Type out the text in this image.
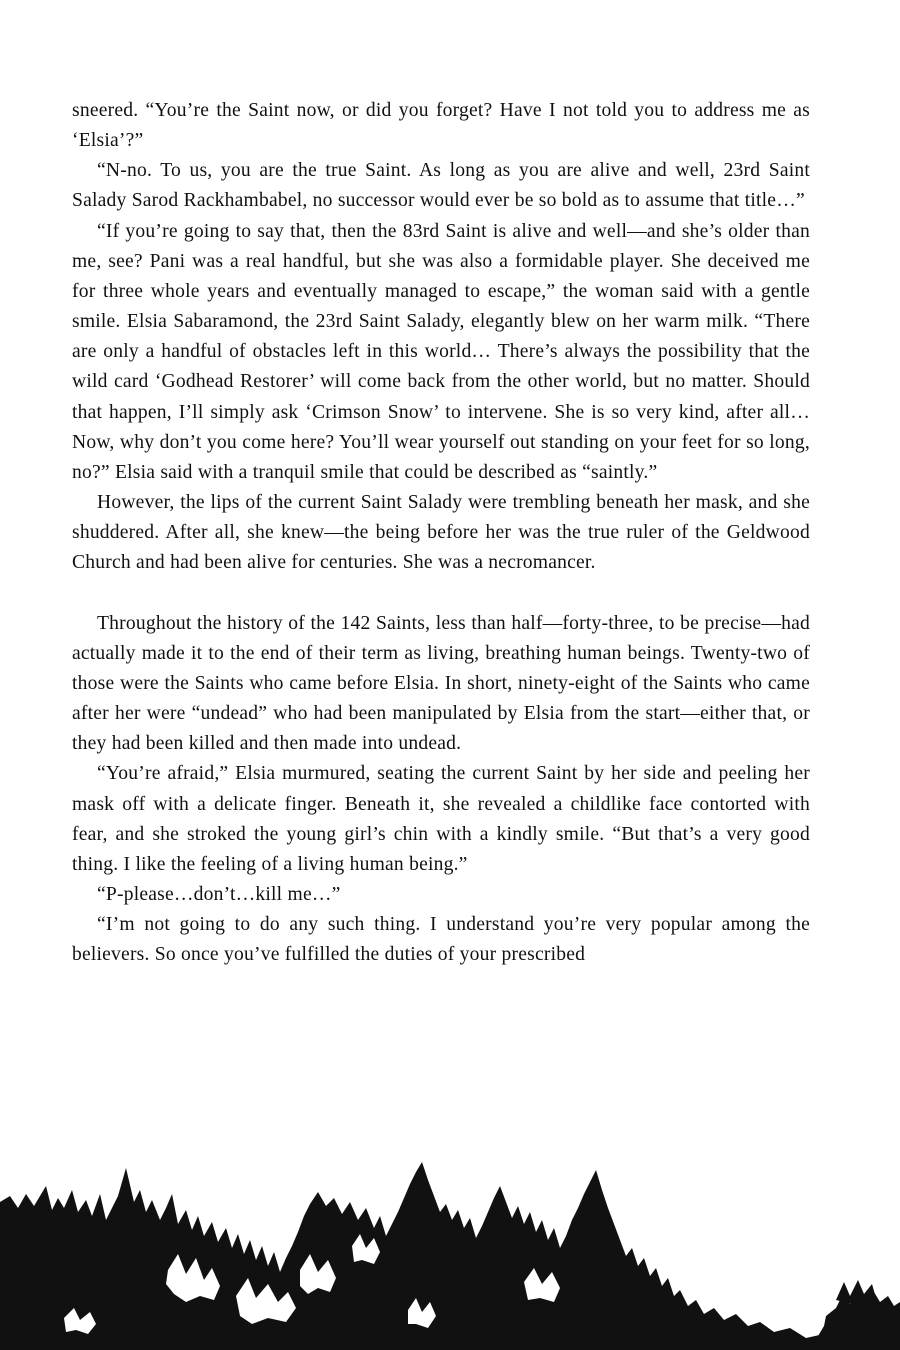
sneered. “You’re the Saint now, or did you forget? Have I not told you to address me as ‘Elsia’?”

“N-no. To us, you are the true Saint. As long as you are alive and well, 23rd Saint Salady Sarod Rackhambabel, no successor would ever be so bold as to assume that title…”

“If you’re going to say that, then the 83rd Saint is alive and well—and she’s older than me, see? Pani was a real handful, but she was also a formidable player. She deceived me for three whole years and eventually managed to escape,” the woman said with a gentle smile. Elsia Sabaramond, the 23rd Saint Salady, elegantly blew on her warm milk. “There are only a handful of obstacles left in this world… There’s always the possibility that the wild card ‘Godhead Restorer’ will come back from the other world, but no matter. Should that happen, I’ll simply ask ‘Crimson Snow’ to intervene. She is so very kind, after all… Now, why don’t you come here? You’ll wear yourself out standing on your feet for so long, no?” Elsia said with a tranquil smile that could be described as “saintly.”

However, the lips of the current Saint Salady were trembling beneath her mask, and she shuddered. After all, she knew—the being before her was the true ruler of the Geldwood Church and had been alive for centuries. She was a necromancer.

Throughout the history of the 142 Saints, less than half—forty-three, to be precise—had actually made it to the end of their term as living, breathing human beings. Twenty-two of those were the Saints who came before Elsia. In short, ninety-eight of the Saints who came after her were “undead” who had been manipulated by Elsia from the start—either that, or they had been killed and then made into undead.

“You’re afraid,” Elsia murmured, seating the current Saint by her side and peeling her mask off with a delicate finger. Beneath it, she revealed a childlike face contorted with fear, and she stroked the young girl’s chin with a kindly smile. “But that’s a very good thing. I like the feeling of a living human being.”

“P-please…don’t…kill me…”

“I’m not going to do any such thing. I understand you’re very popular among the believers. So once you’ve fulfilled the duties of your prescribed
